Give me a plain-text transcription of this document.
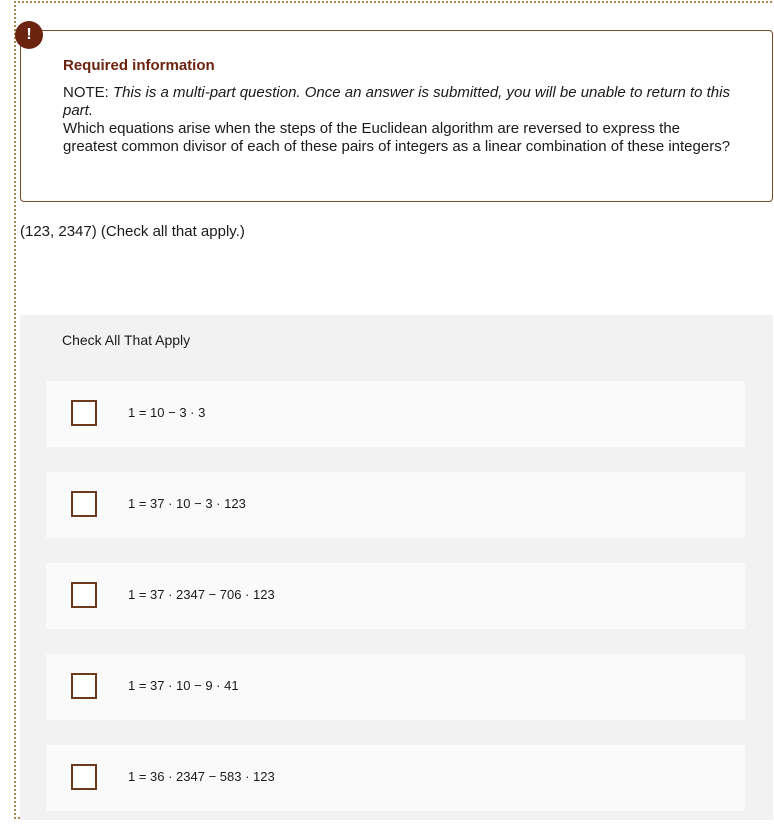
!
Required information
NOTE: This is a multi-part question. Once an answer is submitted, you will be unable to return to this part.
Which equations arise when the steps of the Euclidean algorithm are reversed to express the greatest common divisor of each of these pairs of integers as a linear combination of these integers?
(123, 2347) (Check all that apply.)
Check All That Apply
1 = 10 − 3 · 3
1 = 37 · 10 − 3 · 123
1 = 37 · 2347 − 706 · 123
1 = 37 · 10 − 9 · 41
1 = 36 · 2347 − 583 · 123
